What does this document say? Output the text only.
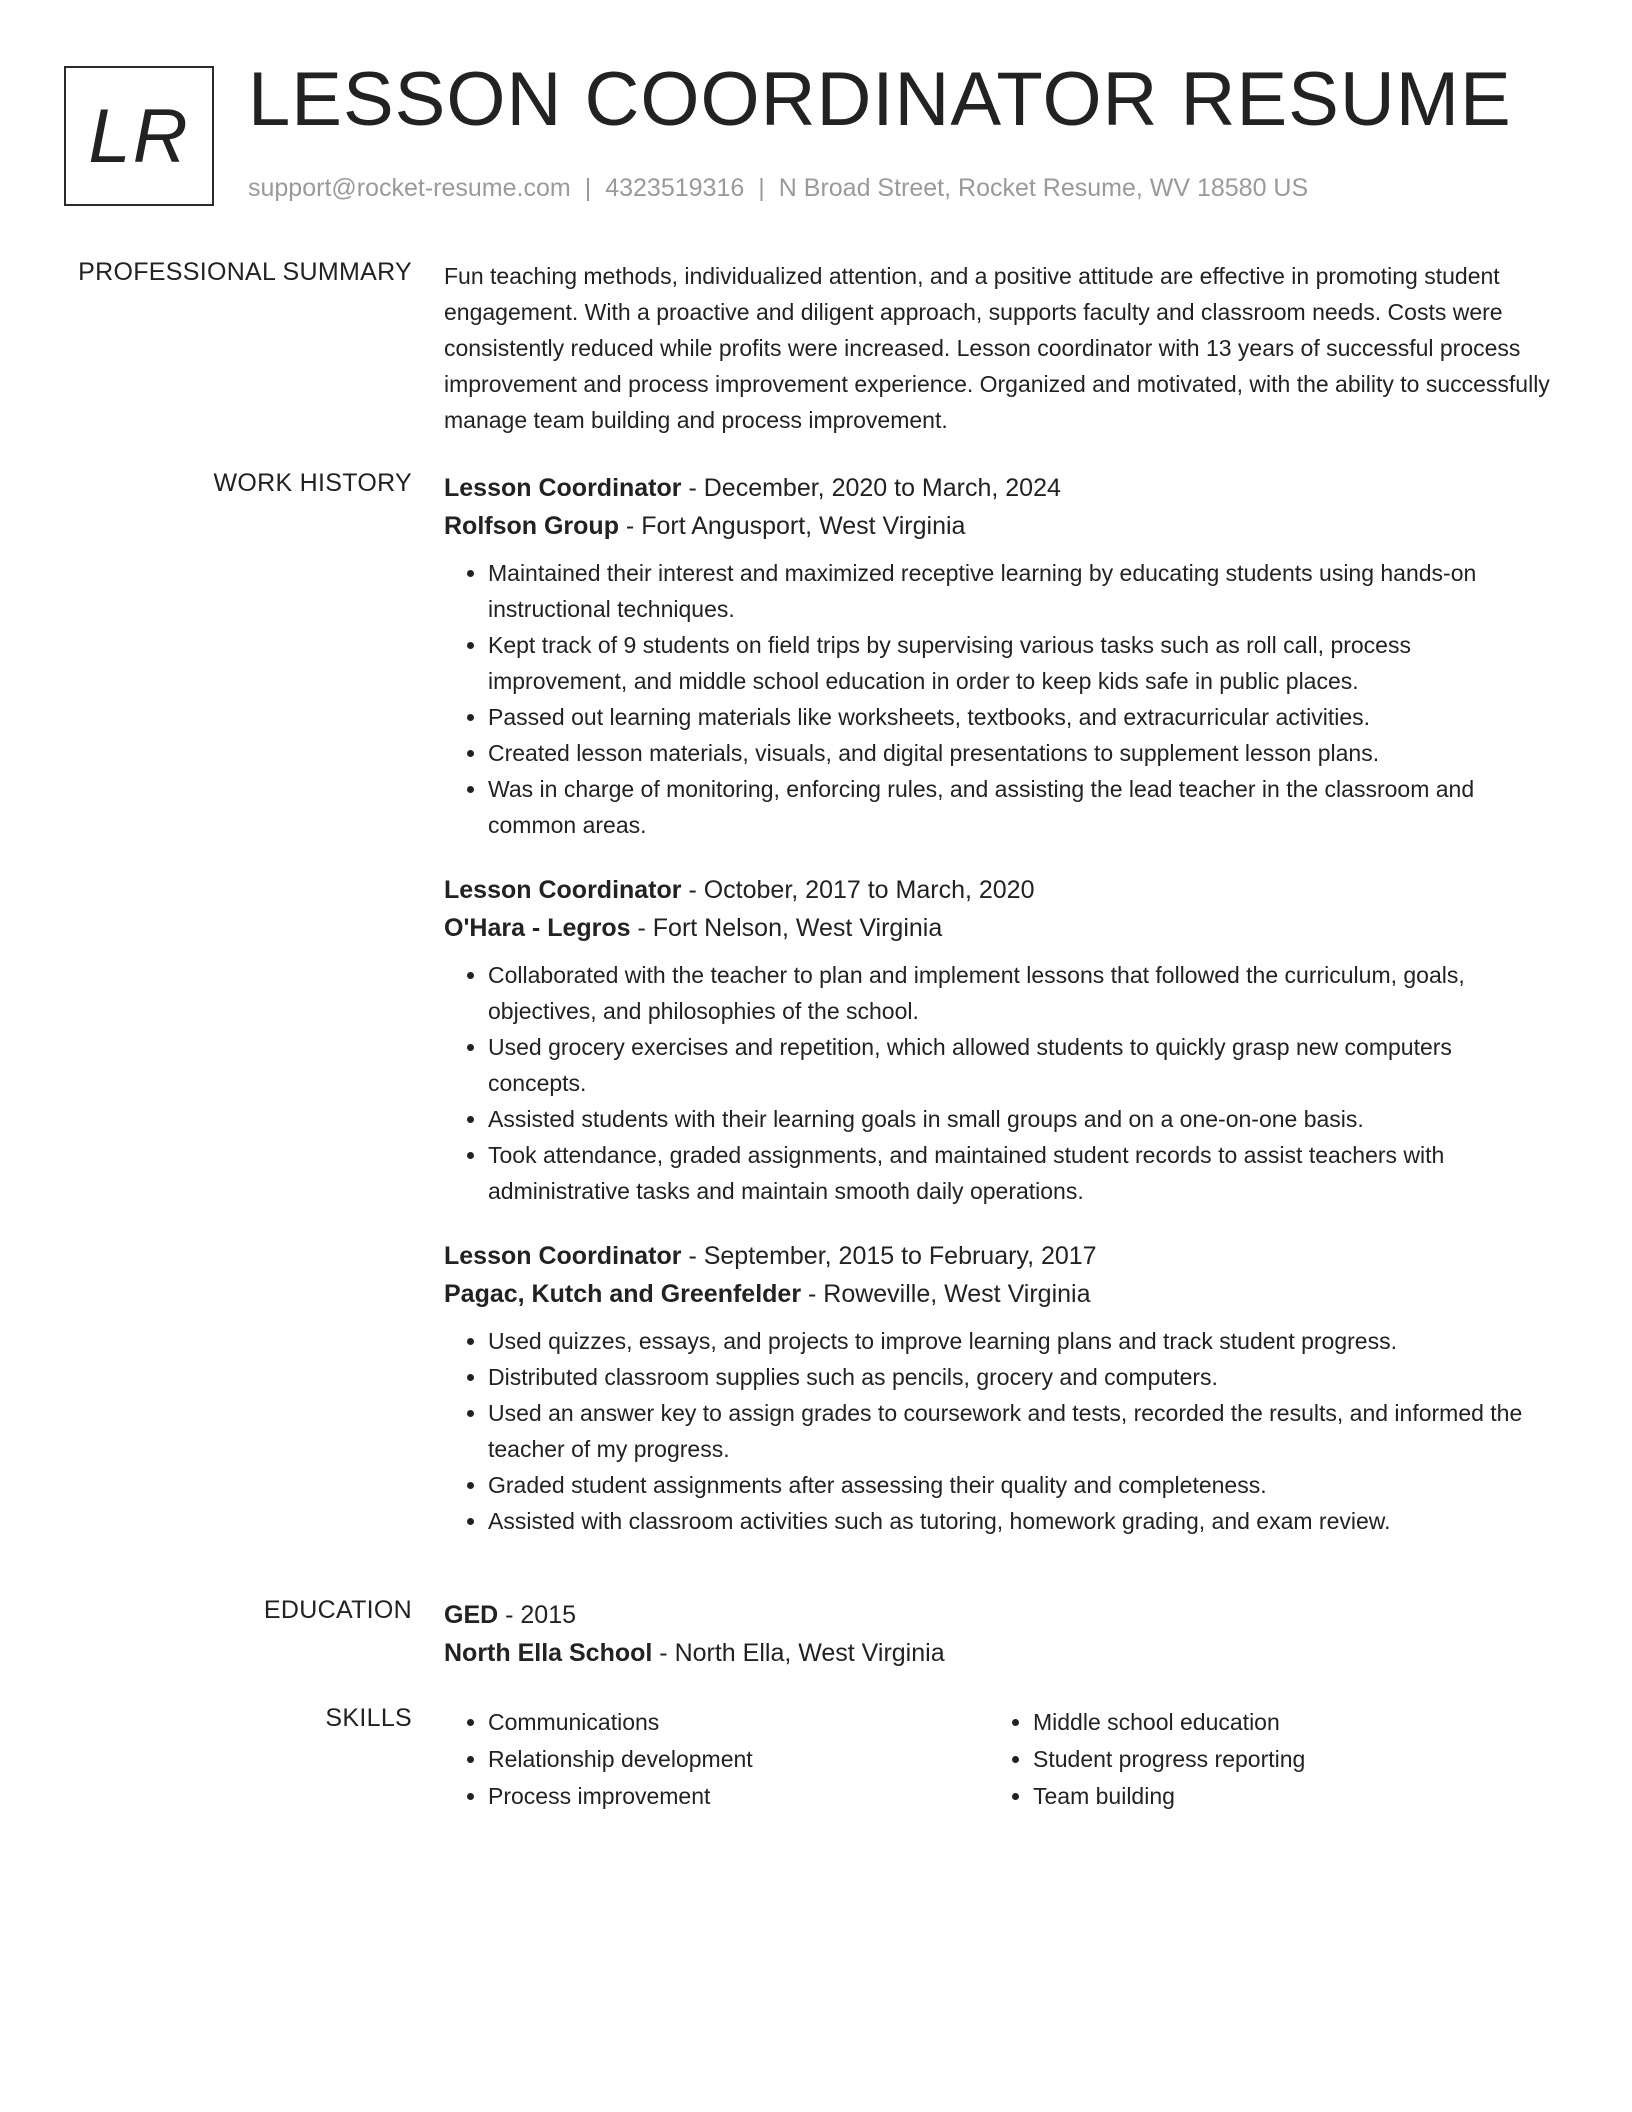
LR LESSON COORDINATOR RESUME
support@rocket-resume.com | 4323519316 | N Broad Street, Rocket Resume, WV 18580 US
PROFESSIONAL SUMMARY Fun teaching methods, individualized attention, and a positive attitude are effective in promoting student engagement. With a proactive and diligent approach, supports faculty and classroom needs. Costs were consistently reduced while profits were increased. Lesson coordinator with 13 years of successful process improvement and process improvement experience. Organized and motivated, with the ability to successfully manage team building and process improvement.

WORK HISTORY Lesson Coordinator - December, 2020 to March, 2024
Rolfson Group - Fort Angusport, West Virginia
• Maintained their interest and maximized receptive learning by educating students using hands-on instructional techniques.
• Kept track of 9 students on field trips by supervising various tasks such as roll call, process improvement, and middle school education in order to keep kids safe in public places.
• Passed out learning materials like worksheets, textbooks, and extracurricular activities.
• Created lesson materials, visuals, and digital presentations to supplement lesson plans.
• Was in charge of monitoring, enforcing rules, and assisting the lead teacher in the classroom and common areas.
Lesson Coordinator - October, 2017 to March, 2020
O'Hara - Legros - Fort Nelson, West Virginia
• Collaborated with the teacher to plan and implement lessons that followed the curriculum, goals, objectives, and philosophies of the school.
• Used grocery exercises and repetition, which allowed students to quickly grasp new computers concepts.
• Assisted students with their learning goals in small groups and on a one-on-one basis.
• Took attendance, graded assignments, and maintained student records to assist teachers with administrative tasks and maintain smooth daily operations.
Lesson Coordinator - September, 2015 to February, 2017
Pagac, Kutch and Greenfelder - Roweville, West Virginia
• Used quizzes, essays, and projects to improve learning plans and track student progress.
• Distributed classroom supplies such as pencils, grocery and computers.
• Used an answer key to assign grades to coursework and tests, recorded the results, and informed the teacher of my progress.
• Graded student assignments after assessing their quality and completeness.
• Assisted with classroom activities such as tutoring, homework grading, and exam review.
EDUCATION GED - 2015
North Ella School - North Ella, West Virginia
SKILLS
•	Communications
• Relationship development
• Process improvement
• Middle school education
• Student progress reporting
• Team building
